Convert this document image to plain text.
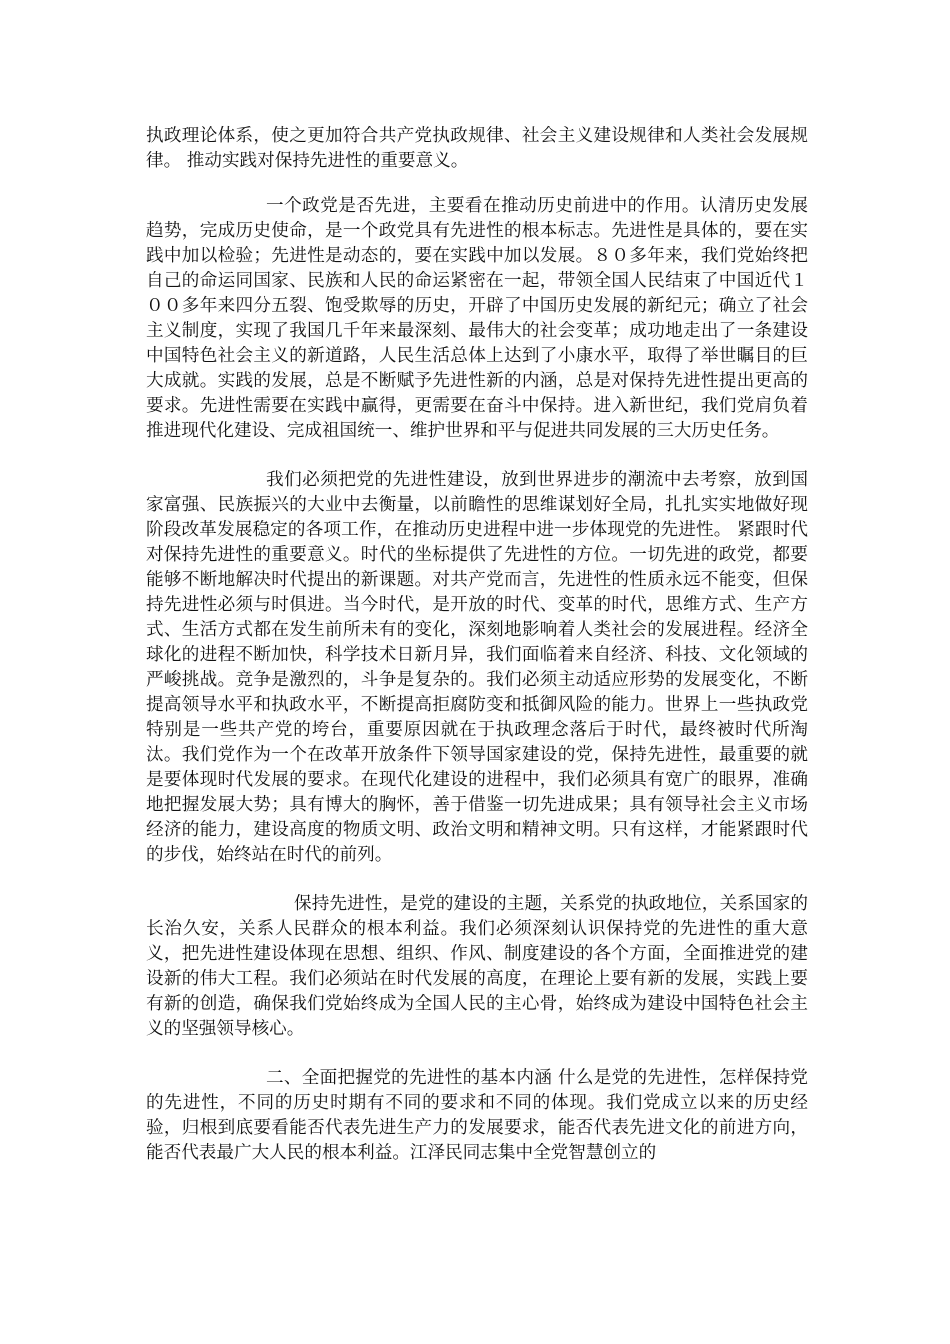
执政理论体系，使之更加符合共产党执政规律、社会主义建设规律和人类社会发展规律。 推动实践对保持先进性的重要意义。

一个政党是否先进，主要看在推动历史前进中的作用。认清历史发展趋势，完成历史使命，是一个政党具有先进性的根本标志。先进性是具体的，要在实践中加以检验；先进性是动态的，要在实践中加以发展。８０多年来，我们党始终把自己的命运同国家、民族和人民的命运紧密在一起，带领全国人民结束了中国近代１００多年来四分五裂、饱受欺辱的历史，开辟了中国历史发展的新纪元；确立了社会主义制度，实现了我国几千年来最深刻、最伟大的社会变革；成功地走出了一条建设中国特色社会主义的新道路，人民生活总体上达到了小康水平，取得了举世瞩目的巨大成就。实践的发展，总是不断赋予先进性新的内涵，总是对保持先进性提出更高的要求。先进性需要在实践中赢得，更需要在奋斗中保持。进入新世纪，我们党肩负着推进现代化建设、完成祖国统一、维护世界和平与促进共同发展的三大历史任务。

我们必须把党的先进性建设，放到世界进步的潮流中去考察，放到国家富强、民族振兴的大业中去衡量，以前瞻性的思维谋划好全局，扎扎实实地做好现阶段改革发展稳定的各项工作，在推动历史进程中进一步体现党的先进性。 紧跟时代对保持先进性的重要意义。时代的坐标提供了先进性的方位。一切先进的政党，都要能够不断地解决时代提出的新课题。对共产党而言，先进性的性质永远不能变，但保持先进性必须与时俱进。当今时代，是开放的时代、变革的时代，思维方式、生产方式、生活方式都在发生前所未有的变化，深刻地影响着人类社会的发展进程。经济全球化的进程不断加快，科学技术日新月异，我们面临着来自经济、科技、文化领域的严峻挑战。竞争是激烈的，斗争是复杂的。我们必须主动适应形势的发展变化，不断提高领导水平和执政水平，不断提高拒腐防变和抵御风险的能力。世界上一些执政党特别是一些共产党的垮台，重要原因就在于执政理念落后于时代，最终被时代所淘汰。我们党作为一个在改革开放条件下领导国家建设的党，保持先进性，最重要的就是要体现时代发展的要求。在现代化建设的进程中，我们必须具有宽广的眼界，准确地把握发展大势；具有博大的胸怀，善于借鉴一切先进成果；具有领导社会主义市场经济的能力，建设高度的物质文明、政治文明和精神文明。只有这样，才能紧跟时代的步伐，始终站在时代的前列。

保持先进性，是党的建设的主题，关系党的执政地位，关系国家的长治久安，关系人民群众的根本利益。我们必须深刻认识保持党的先进性的重大意义，把先进性建设体现在思想、组织、作风、制度建设的各个方面，全面推进党的建设新的伟大工程。我们必须站在时代发展的高度，在理论上要有新的发展，实践上要有新的创造，确保我们党始终成为全国人民的主心骨，始终成为建设中国特色社会主义的坚强领导核心。

二、全面把握党的先进性的基本内涵 什么是党的先进性，怎样保持党的先进性，不同的历史时期有不同的要求和不同的体现。我们党成立以来的历史经验，归根到底要看能否代表先进生产力的发展要求，能否代表先进文化的前进方向，能否代表最广大人民的根本利益。江泽民同志集中全党智慧创立的
